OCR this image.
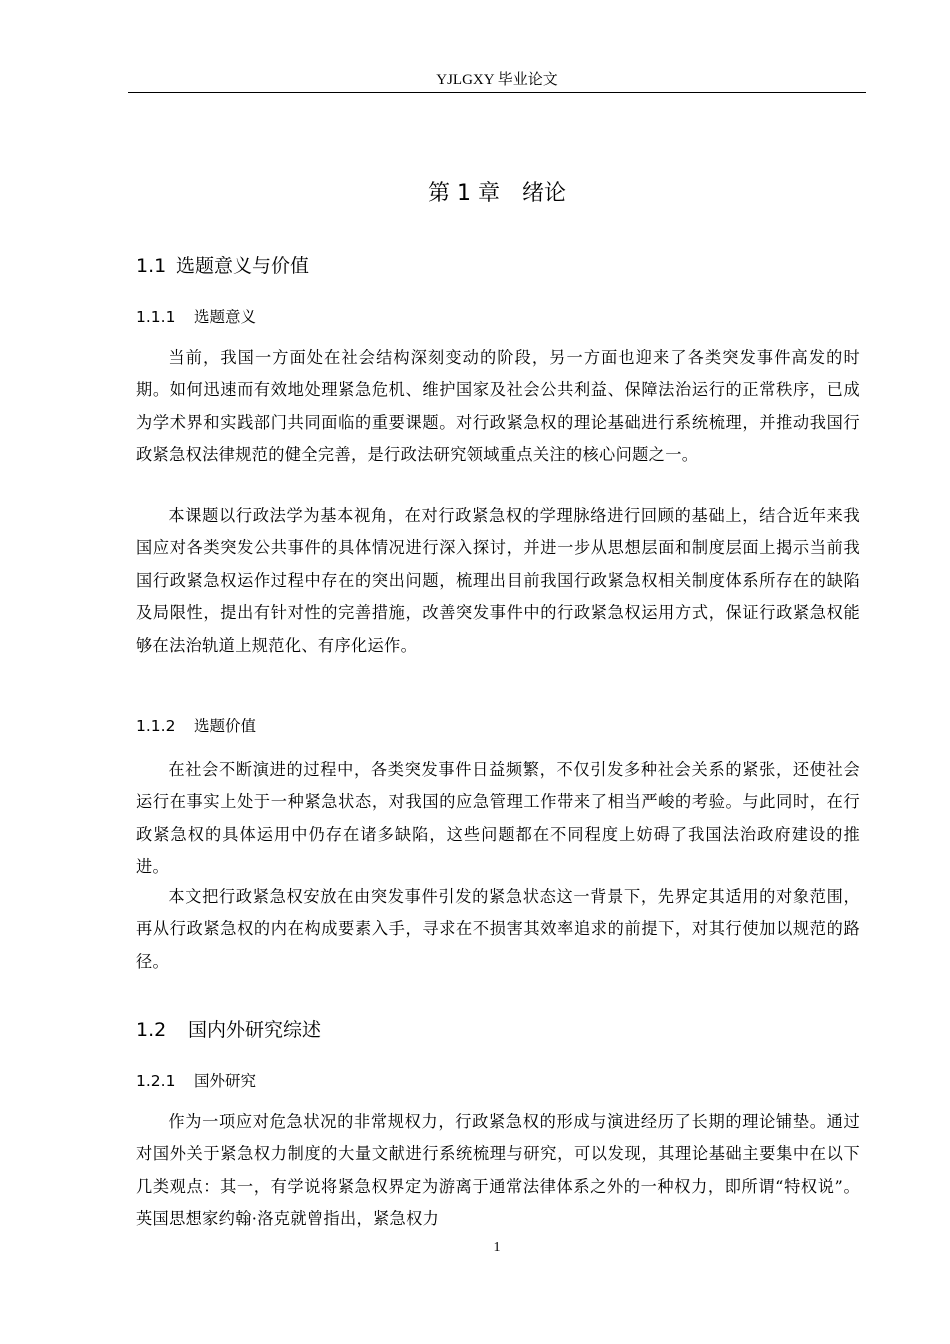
YJLGXY 毕业论文
第 1 章　绪论
1.1 选题意义与价值
1.1.1 选题意义

当前，我国一方面处在社会结构深刻变动的阶段，另一方面也迎来了各类突发事件高发的时期。如何迅速而有效地处理紧急危机、维护国家及社会公共利益、保障法治运行的正常秩序，已成为学术界和实践部门共同面临的重要课题。对行政紧急权的理论基础进行系统梳理，并推动我国行政紧急权法律规范的健全完善，是行政法研究领域重点关注的核心问题之一。

本课题以行政法学为基本视角，在对行政紧急权的学理脉络进行回顾的基础上，结合近年来我国应对各类突发公共事件的具体情况进行深入探讨，并进一步从思想层面和制度层面上揭示当前我国行政紧急权运作过程中存在的突出问题，梳理出目前我国行政紧急权相关制度体系所存在的缺陷及局限性，提出有针对性的完善措施，改善突发事件中的行政紧急权运用方式，保证行政紧急权能够在法治轨道上规范化、有序化运作。

1.1.2 选题价值

在社会不断演进的过程中，各类突发事件日益频繁，不仅引发多种社会关系的紧张，还使社会运行在事实上处于一种紧急状态，对我国的应急管理工作带来了相当严峻的考验。与此同时，在行政紧急权的具体运用中仍存在诸多缺陷，这些问题都在不同程度上妨碍了我国法治政府建设的推进。

本文把行政紧急权安放在由突发事件引发的紧急状态这一背景下，先界定其适用的对象范围，再从行政紧急权的内在构成要素入手，寻求在不损害其效率追求的前提下，对其行使加以规范的路径。

1.2 国内外研究综述
1.2.1 国外研究

作为一项应对危急状况的非常规权力，行政紧急权的形成与演进经历了长期的理论铺垫。通过对国外关于紧急权力制度的大量文献进行系统梳理与研究，可以发现，其理论基础主要集中在以下几类观点：其一，有学说将紧急权界定为游离于通常法律体系之外的一种权力，即所谓“特权说”。英国思想家约翰·洛克就曾指出，紧急权力

1
